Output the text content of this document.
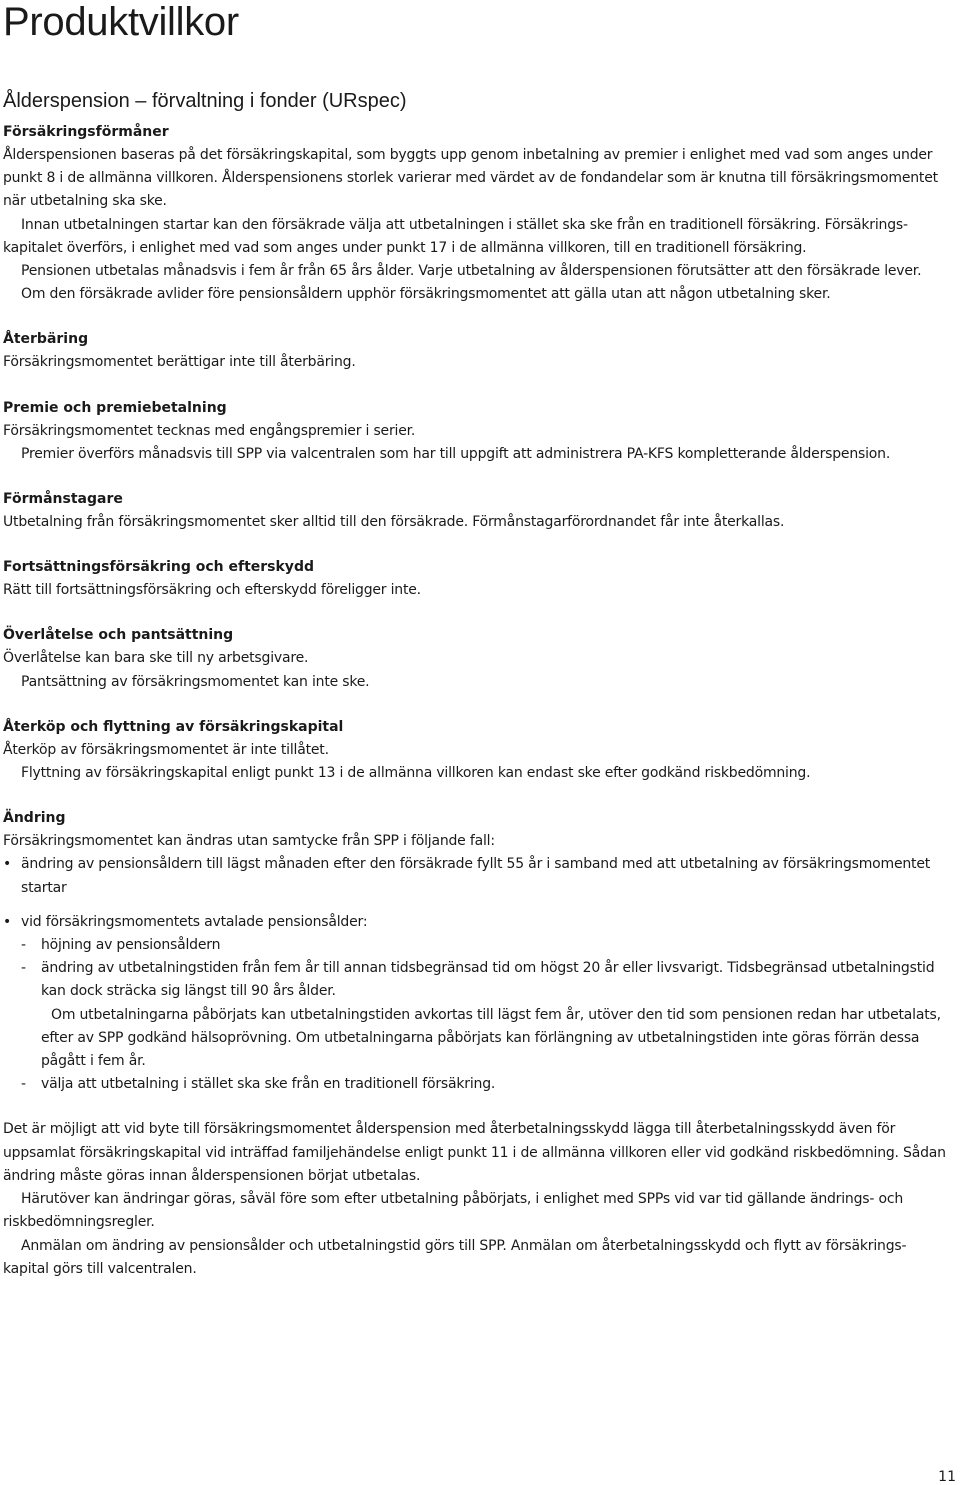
Produktvillkor
Ålderspension – förvaltning i fonder (URspec)
Försäkringsförmåner

Ålderspensionen baseras på det försäkringskapital, som byggts upp genom inbetalning av premier i enlighet med vad som anges under punkt 8 i de allmänna villkoren. Ålderspensionens storlek varierar med värdet av de fondandelar som är knutna till försäkringsmomentet när utbetalning ska ske.

Innan utbetalningen startar kan den försäkrade välja att utbetalningen i stället ska ske från en traditionell försäkring. Försäkringskapitalet överförs, i enlighet med vad som anges under punkt 17 i de allmänna villkoren, till en traditionell försäkring.

Pensionen utbetalas månadsvis i fem år från 65 års ålder. Varje utbetalning av ålderspensionen förutsätter att den försäkrade lever.

Om den försäkrade avlider före pensionsåldern upphör försäkringsmomentet att gälla utan att någon utbetalning sker.

Återbäring

Försäkringsmomentet berättigar inte till återbäring.

Premie och premiebetalning

Försäkringsmomentet tecknas med engångspremier i serier.

Premier överförs månadsvis till SPP via valcentralen som har till uppgift att administrera PA-KFS kompletterande ålderspension.

Förmånstagare

Utbetalning från försäkringsmomentet sker alltid till den försäkrade. Förmånstagarförordnandet får inte återkallas.

Fortsättningsförsäkring och efterskydd

Rätt till fortsättningsförsäkring och efterskydd föreligger inte.

Överlåtelse och pantsättning

Överlåtelse kan bara ske till ny arbetsgivare.

Pantsättning av försäkringsmomentet kan inte ske.

Återköp och flyttning av försäkringskapital

Återköp av försäkringsmomentet är inte tillåtet.

Flyttning av försäkringskapital enligt punkt 13 i de allmänna villkoren kan endast ske efter godkänd riskbedömning.

Ändring

Försäkringsmomentet kan ändras utan samtycke från SPP i följande fall:

• ändring av pensionsåldern till lägst månaden efter den försäkrade fyllt 55 år i samband med att utbetalning av försäkringsmomentet startar
• vid försäkringsmomentets avtalade pensionsålder:
- höjning av pensionsåldern
- ändring av utbetalningstiden från fem år till annan tidsbegränsad tid om högst 20 år eller livsvarigt. Tidsbegränsad utbetalningstid kan dock sträcka sig längst till 90 års ålder.
Om utbetalningarna påbörjats kan utbetalningstiden avkortas till lägst fem år, utöver den tid som pensionen redan har utbetalats, efter av SPP godkänd hälsoprövning. Om utbetalningarna påbörjats kan förlängning av utbetalningstiden inte göras förrän dessa pågått i fem år.
- välja att utbetalning i stället ska ske från en traditionell försäkring.

Det är möjligt att vid byte till försäkringsmomentet ålderspension med återbetalningsskydd lägga till återbetalningsskydd även för uppsamlat försäkringskapital vid inträffad familjehändelse enligt punkt 11 i de allmänna villkoren eller vid godkänd riskbedömning. Sådan ändring måste göras innan ålderspensionen börjat utbetalas.

Härutöver kan ändringar göras, såväl före som efter utbetalning påbörjats, i enlighet med SPPs vid var tid gällande ändrings- och riskbedömningsregler.

Anmälan om ändring av pensionsålder och utbetalningstid görs till SPP. Anmälan om återbetalningsskydd och flytt av försäkringskapital görs till valcentralen.

11
